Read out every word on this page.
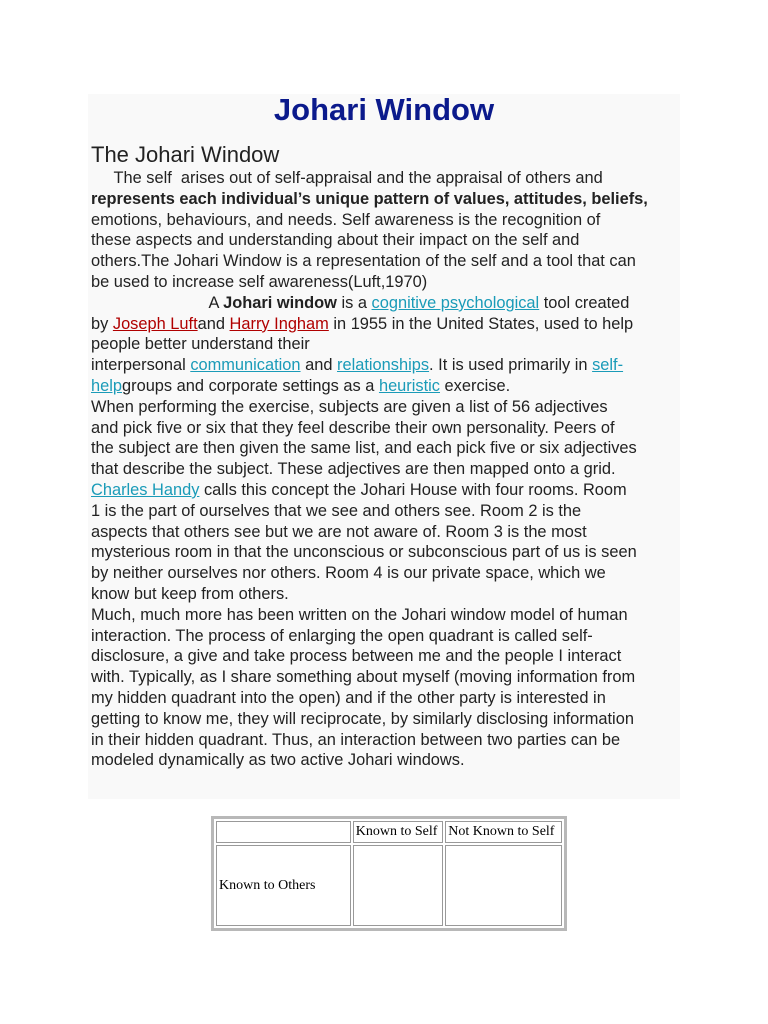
Johari Window
The Johari Window
The self  arises out of self-appraisal and the appraisal of others and
represents each individual’s unique pattern of values, attitudes, beliefs,
emotions, behaviours, and needs. Self awareness is the recognition of
these aspects and understanding about their impact on the self and
others.The Johari Window is a representation of the self and a tool that can
be used to increase self awareness(Luft,1970)
A Johari window is a cognitive psychological tool created
by Joseph Luftand Harry Ingham in 1955 in the United States, used to help
people better understand their
interpersonal communication and relationships. It is used primarily in self-
helpgroups and corporate settings as a heuristic exercise.
When performing the exercise, subjects are given a list of 56 adjectives
and pick five or six that they feel describe their own personality. Peers of
the subject are then given the same list, and each pick five or six adjectives
that describe the subject. These adjectives are then mapped onto a grid.
Charles Handy calls this concept the Johari House with four rooms. Room
1 is the part of ourselves that we see and others see. Room 2 is the
aspects that others see but we are not aware of. Room 3 is the most
mysterious room in that the unconscious or subconscious part of us is seen
by neither ourselves nor others. Room 4 is our private space, which we
know but keep from others.
Much, much more has been written on the Johari window model of human
interaction. The process of enlarging the open quadrant is called self-
disclosure, a give and take process between me and the people I interact
with. Typically, as I share something about myself (moving information from
my hidden quadrant into the open) and if the other party is interested in
getting to know me, they will reciprocate, by similarly disclosing information
in their hidden quadrant. Thus, an interaction between two parties can be
modeled dynamically as two active Johari windows.
	Known to Self	Not Known to Self
Known to Others		
